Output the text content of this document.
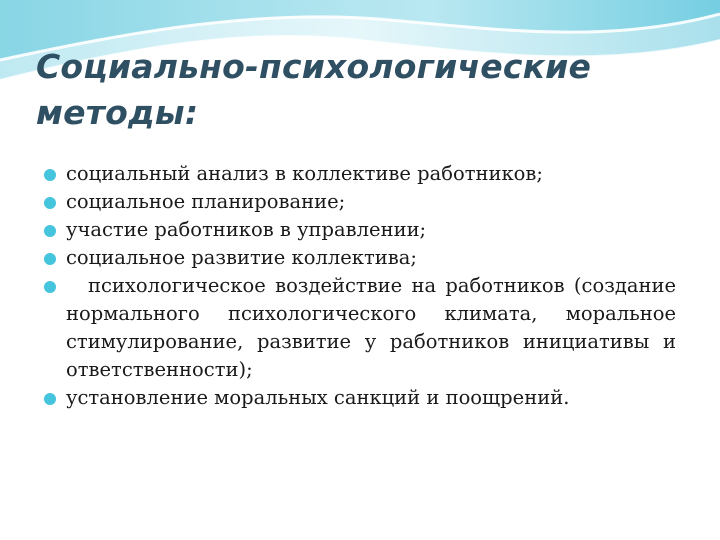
Социально-психологические
методы:
социальный анализ в коллективе работников;
социальное планирование;
участие работников в управлении;
социальное развитие коллектива;
психологическое воздействие на работников (создание нормального психологического климата, моральное стимулирование, развитие у работников инициативы и ответственности);
установление моральных санкций и поощрений.
